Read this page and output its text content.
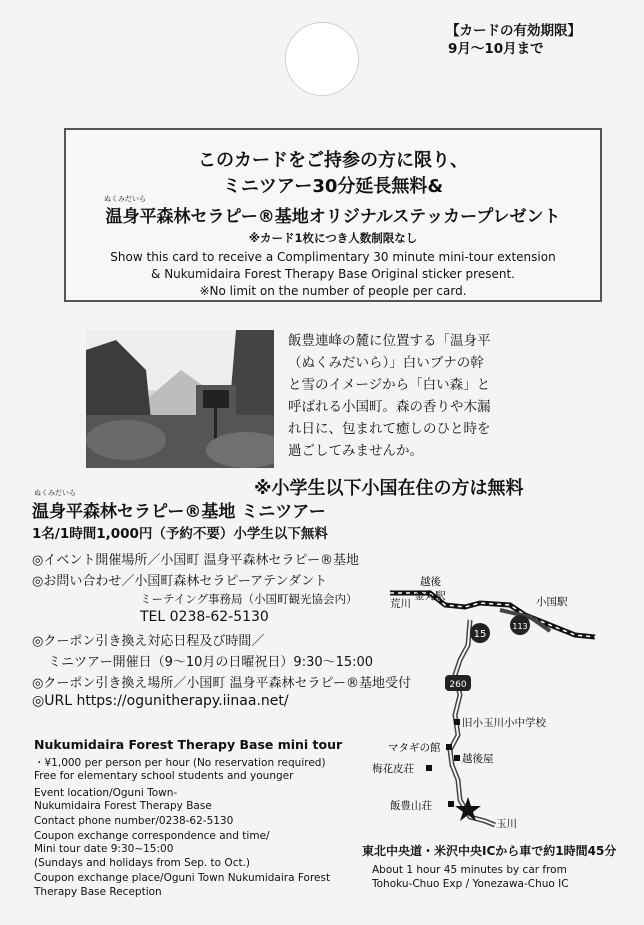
【カードの有効期限】
9月～10月まで
このカードをご持参の方に限り、
ミニツアー30分延長無料&
ぬくみだいら
温身平森林セラピー®基地オリジナルステッカープレゼント
※カード1枚につき人数制限なし
Show this card to receive a Complimentary 30 minute mini-tour extension
& Nukumidaira Forest Therapy Base Original sticker present.
※No limit on the number of people per card.
飯豊連峰の麓に位置する「温身平
（ぬくみだいら）」白いブナの幹
と雪のイメージから「白い森」と
呼ばれる小国町。森の香りや木漏
れ日に、包まれて癒しのひと時を
過ごしてみませんか。
※小学生以下小国在住の方は無料
ぬくみだいら
温身平森林セラピー®基地 ミニツアー
1名/1時間1,000円（予約不要）小学生以下無料
◎イベント開催場所／小国町 温身平森林セラピー®基地
◎お問い合わせ／小国町森林セラピーアテンダント
ミーテイング事務局（小国町観光協会内）
TEL 0238-62-5130
◎クーポン引き換え対応日程及び時間／
ミニツアー開催日（9～10月の日曜祝日）9:30～15:00
◎クーポン引き換え場所／小国町 温身平森林セラピー®基地受付
◎URL https://ogunitherapy.iinaa.net/
Nukumidaira Forest Therapy Base mini tour
・¥1,000 per person per hour (No reservation required)
Free for elementary school students and younger
Event location/Oguni Town-
Nukumidaira Forest Therapy Base
Contact phone number/0238-62-5130
Coupon exchange correspondence and time/
Mini tour date 9:30~15:00
(Sundays and holidays from Sep. to Oct.)
Coupon exchange place/Oguni Town Nukumidaira Forest
Therapy Base Reception
15
113
260
越後
金丸駅
荒川	小国駅
旧小玉川小中学校
マタギの館
越後屋
梅花皮荘
飯豊山荘
玉川
東北中央道・米沢中央ICから車で約1時間45分
About 1 hour 45 minutes by car from
Tohoku-Chuo Exp / Yonezawa-Chuo IC
